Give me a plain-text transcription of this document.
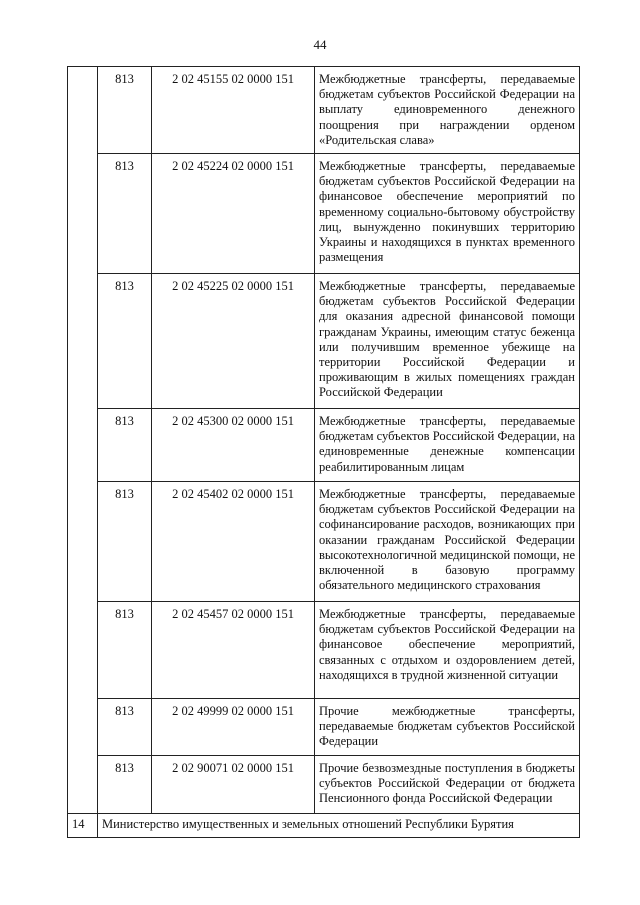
44
	813	2 02 45155 02 0000 151	Межбюджетные трансферты, передаваемые бюджетам субъектов Российской Федерации на выплату единовременного денежного поощрения при награждении орденом «Родительская слава»
	813	2 02 45224 02 0000 151	Межбюджетные трансферты, передаваемые бюджетам субъектов Российской Федерации на финансовое обеспечение мероприятий по временному социально-бытовому обустройству лиц, вынужденно покинувших территорию Украины и находящихся в пунктах временного размещения
	813	2 02 45225 02 0000 151	Межбюджетные трансферты, передаваемые бюджетам субъектов Российской Федерации для оказания адресной финансовой помощи гражданам Украины, имеющим статус беженца или получившим временное убежище на территории Российской Федерации и проживающим в жилых помещениях граждан Российской Федерации
	813	2 02 45300 02 0000 151	Межбюджетные трансферты, передаваемые бюджетам субъектов Российской Федерации, на единовременные денежные компенсации реабилитированным лицам
	813	2 02 45402 02 0000 151	Межбюджетные трансферты, передаваемые бюджетам субъектов Российской Федерации на софинансирование расходов, возникающих при оказании гражданам Российской Федерации высокотехнологичной медицинской помощи, не включенной в базовую программу обязательного медицинского страхования
	813	2 02 45457 02 0000 151	Межбюджетные трансферты, передаваемые бюджетам субъектов Российской Федерации на финансовое обеспечение мероприятий, связанных с отдыхом и оздоровлением детей, находящихся в трудной жизненной ситуации
	813	2 02 49999 02 0000 151	Прочие межбюджетные трансферты, передаваемые бюджетам субъектов Российской Федерации
	813	2 02 90071 02 0000 151	Прочие безвозмездные поступления в бюджеты субъектов Российской Федерации от бюджета Пенсионного фонда Российской Федерации
14	Министерство имущественных и земельных отношений Республики Бурятия		
